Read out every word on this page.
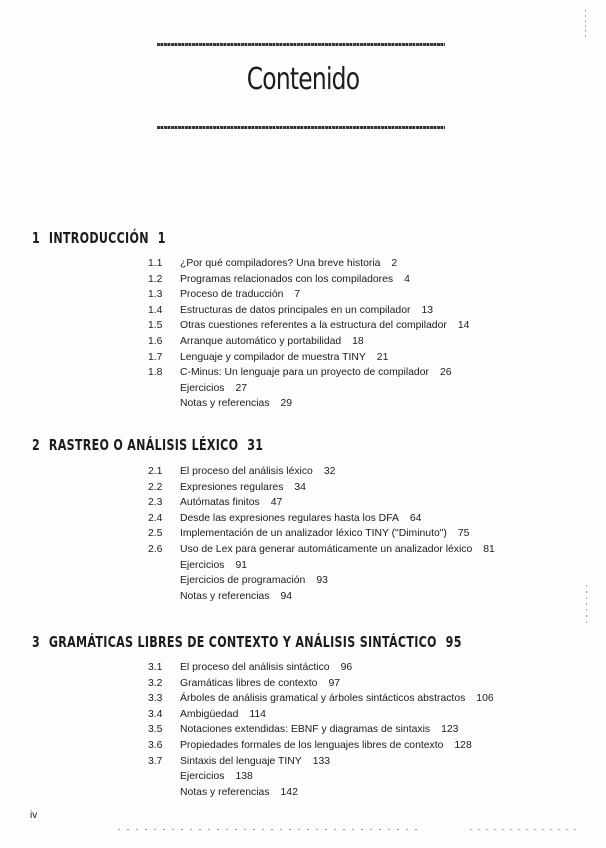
Contenido
1 INTRODUCCIÓN 1
1.1 ¿Por qué compiladores? Una breve historia 2
1.2 Programas relacionados con los compiladores 4
1.3 Proceso de traducción 7
1.4 Estructuras de datos principales en un compilador 13
1.5 Otras cuestiones referentes a la estructura del compilador 14
1.6 Arranque automático y portabilidad 18
1.7 Lenguaje y compilador de muestra TINY 21
1.8 C-Minus: Un lenguaje para un proyecto de compilador 26
Ejercicios 27
Notas y referencias 29
2 RASTREO O ANÁLISIS LÉXICO 31
2.1 El proceso del análisis léxico 32
2.2 Expresiones regulares 34
2.3 Autómatas finitos 47
2.4 Desde las expresiones regulares hasta los DFA 64
2.5 Implementación de un analizador léxico TINY ("Diminuto") 75
2.6 Uso de Lex para generar automáticamente un analizador léxico 81
Ejercicios 91
Ejercicios de programación 93
Notas y referencias 94
3 GRAMÁTICAS LIBRES DE CONTEXTO Y ANÁLISIS SINTÁCTICO 95
3.1 El proceso del análisis sintáctico 96
3.2 Gramáticas libres de contexto 97
3.3 Árboles de análisis gramatical y árboles sintácticos abstractos 106
3.4 Ambigüedad 114
3.5 Notaciones extendidas: EBNF y diagramas de sintaxis 123
3.6 Propiedades formales de los lenguajes libres de contexto 128
3.7 Sintaxis del lenguaje TINY 133
Ejercicios 138
Notas y referencias 142
iv
